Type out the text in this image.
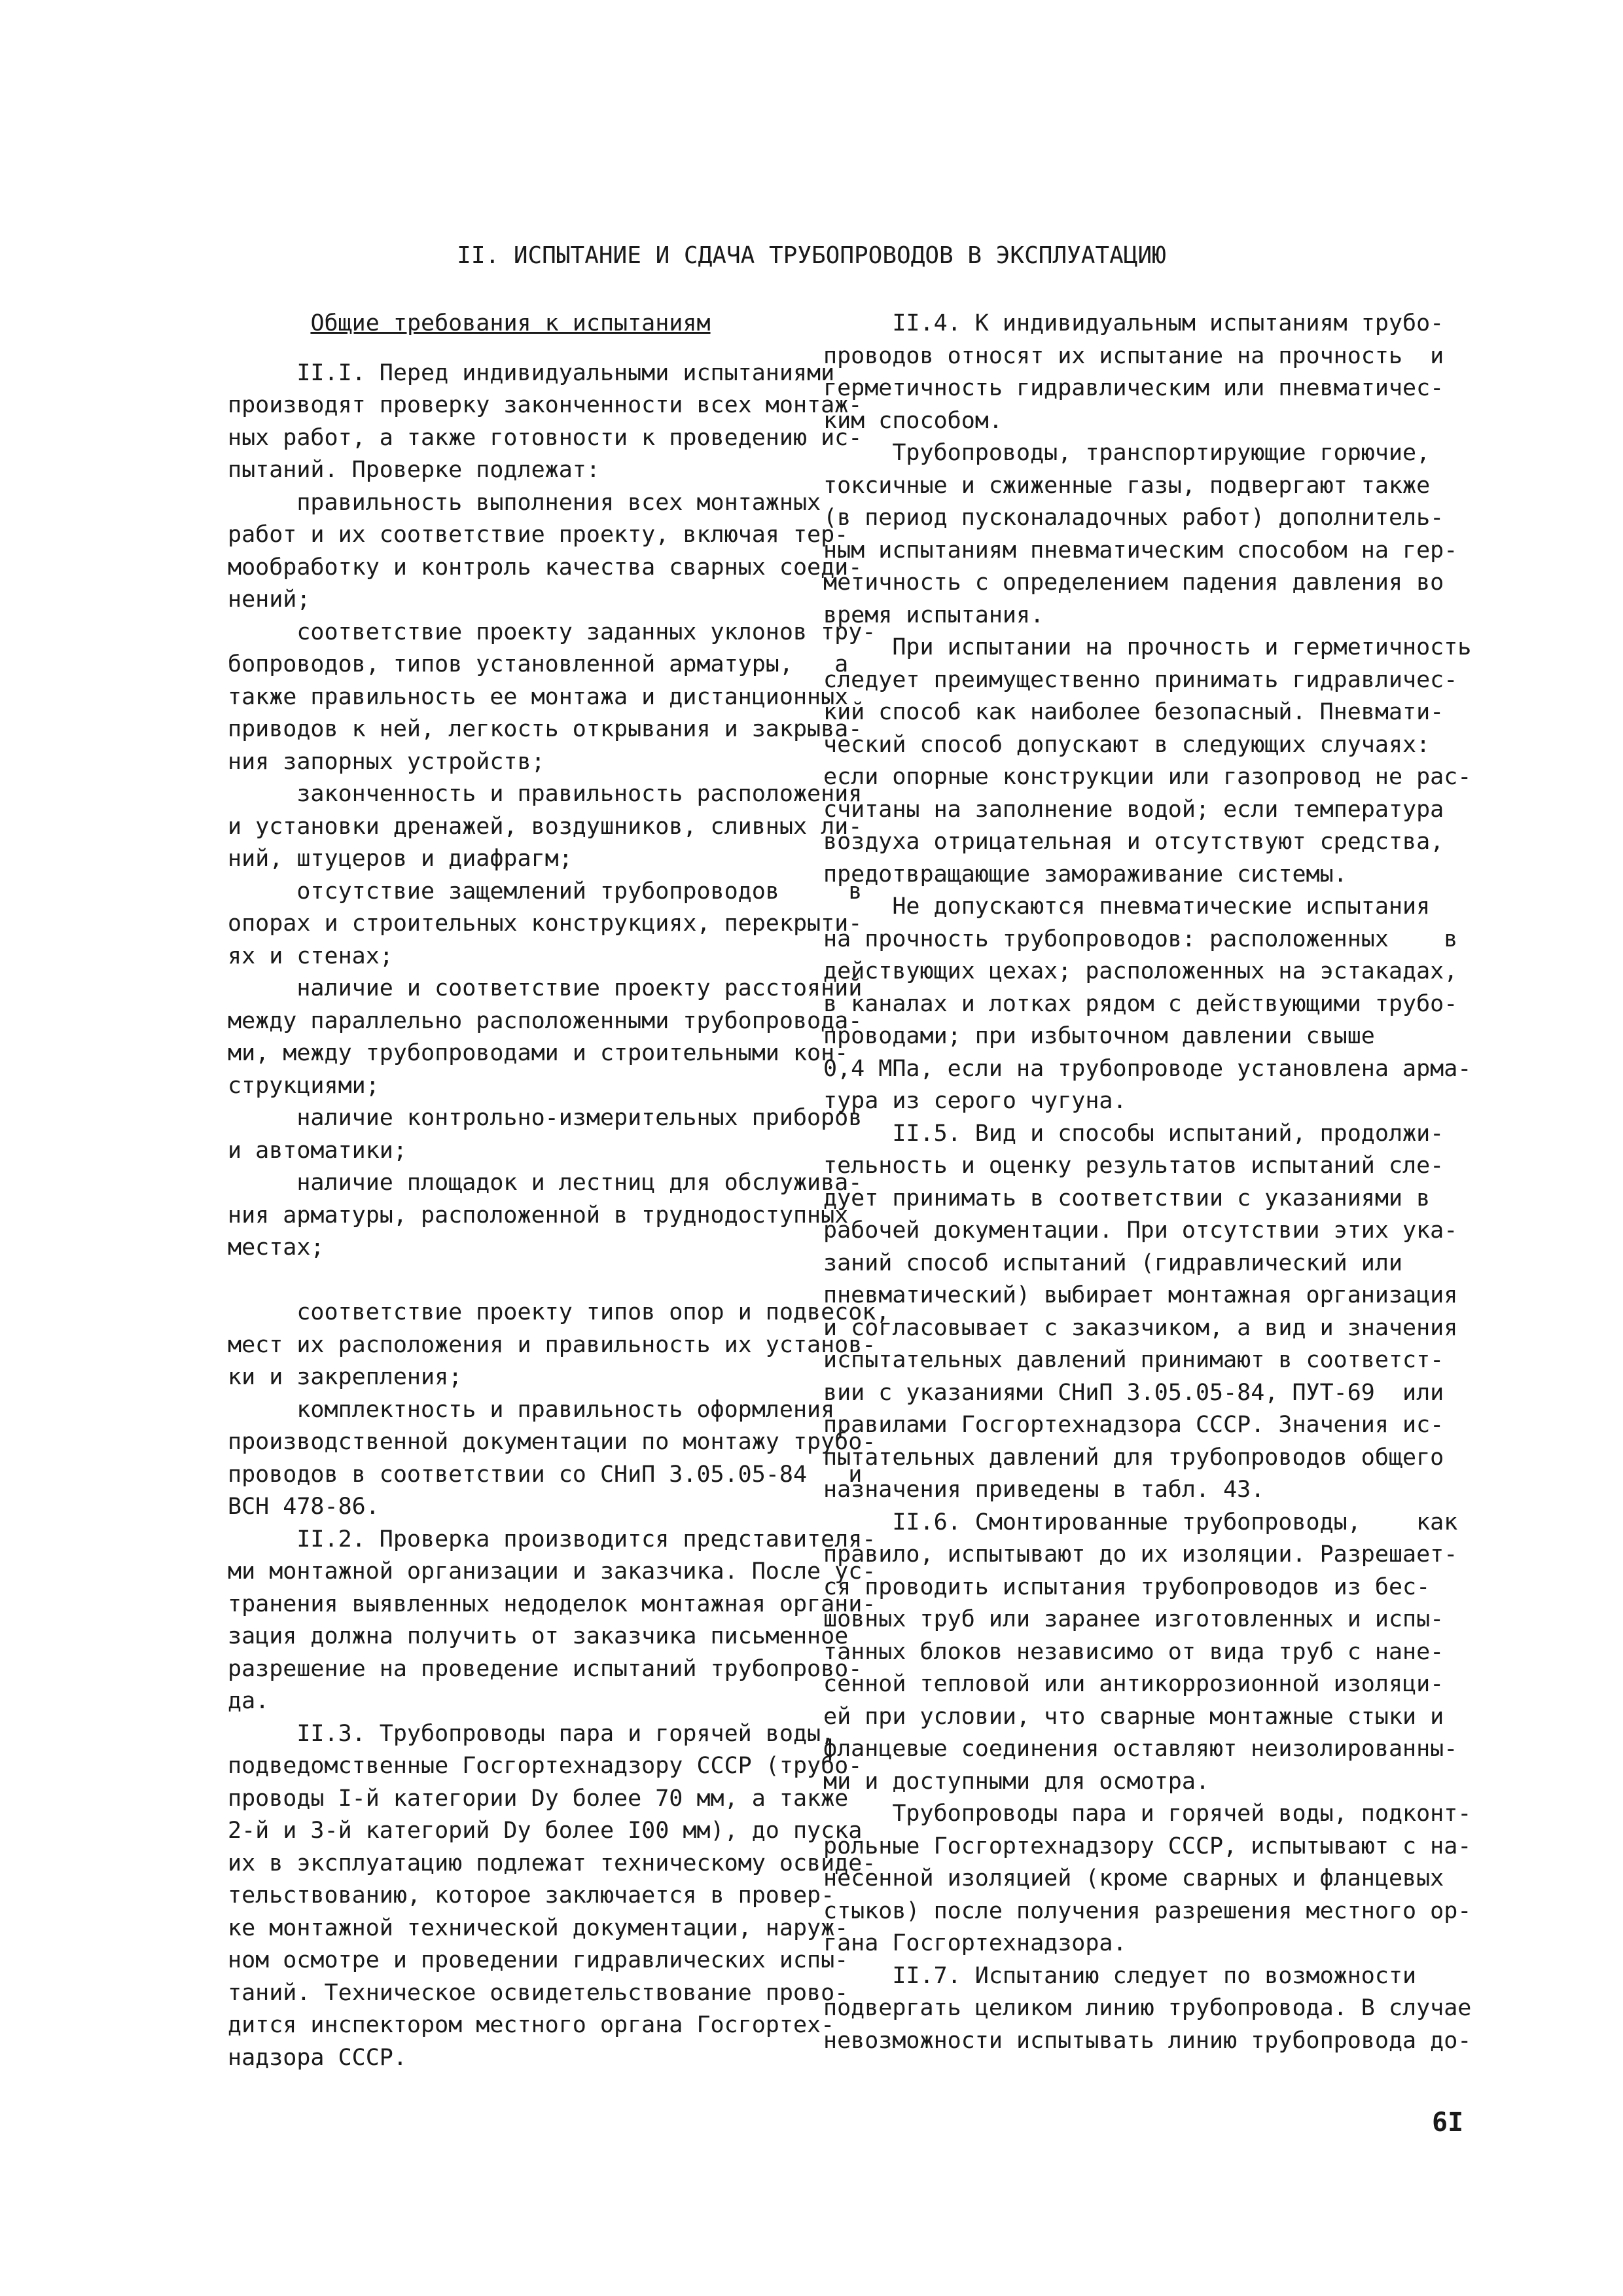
II. ИСПЫТАНИЕ И СДАЧА ТРУБОПРОВОДОВ В ЭКСПЛУАТАЦИЮ
Общие требования к испытаниям
II.I. Перед индивидуальными испытаниями
производят проверку законченности всех монтаж-
ных работ, а также готовности к проведению ис-
пытаний. Проверке подлежат:
правильность выполнения всех монтажных
работ и их соответствие проекту, включая тер-
мообработку и контроль качества сварных соеди-
нений;
соответствие проекту заданных уклонов тру-
бопроводов, типов установленной арматуры,   а
также правильность ее монтажа и дистанционных
приводов к ней, легкость открывания и закрыва-
ния запорных устройств;
законченность и правильность расположения
и установки дренажей, воздушников, сливных ли-
ний, штуцеров и диафрагм;
отсутствие защемлений трубопроводов     в
опорах и строительных конструкциях, перекрыти-
ях и стенах;
наличие и соответствие проекту расстояний
между параллельно расположенными трубопровода-
ми, между трубопроводами и строительными кон-
струкциями;
наличие контрольно-измерительных приборов
и автоматики;
наличие площадок и лестниц для обслужива-
ния арматуры, расположенной в труднодоступных
местах;
соответствие проекту типов опор и подвесок,
мест их расположения и правильность их установ-
ки и закрепления;
комплектность и правильность оформления
производственной документации по монтажу трубо-
проводов в соответствии со СНиП 3.05.05-84   и
ВСН 478-86.
II.2. Проверка производится представителя-
ми монтажной организации и заказчика. После ус-
транения выявленных недоделок монтажная органи-
зация должна получить от заказчика письменное
разрешение на проведение испытаний трубопрово-
да.
II.3. Трубопроводы пара и горячей воды,
подведомственные Госгортехнадзору СССР (трубо-
проводы I-й категории Dу более 70 мм, а также
2-й и 3-й категорий Dу более I00 мм), до пуска
их в эксплуатацию подлежат техническому освиде-
тельствованию, которое заключается в провер-
ке монтажной технической документации, наруж-
ном осмотре и проведении гидравлических испы-
таний. Техническое освидетельствование прово-
дится инспектором местного органа Госгортех-
надзора СССР.
II.4. К индивидуальным испытаниям трубо-
проводов относят их испытание на прочность  и
герметичность гидравлическим или пневматичес-
ким способом.
Трубопроводы, транспортирующие горючие,
токсичные и сжиженные газы, подвергают также
(в период пусконаладочных работ) дополнитель-
ным испытаниям пневматическим способом на гер-
метичность с определением падения давления во
время испытания.
При испытании на прочность и герметичность
следует преимущественно принимать гидравличес-
кий способ как наиболее безопасный. Пневмати-
ческий способ допускают в следующих случаях:
если опорные конструкции или газопровод не рас-
считаны на заполнение водой; если температура
воздуха отрицательная и отсутствуют средства,
предотвращающие замораживание системы.
Не допускаются пневматические испытания
на прочность трубопроводов: расположенных    в
действующих цехах; расположенных на эстакадах,
в каналах и лотках рядом с действующими трубо-
проводами; при избыточном давлении свыше
0,4 МПа, если на трубопроводе установлена арма-
тура из серого чугуна.
II.5. Вид и способы испытаний, продолжи-
тельность и оценку результатов испытаний сле-
дует принимать в соответствии с указаниями в
рабочей документации. При отсутствии этих ука-
заний способ испытаний (гидравлический или
пневматический) выбирает монтажная организация
и согласовывает с заказчиком, а вид и значения
испытательных давлений принимают в соответст-
вии с указаниями СНиП 3.05.05-84, ПУТ-69  или
правилами Госгортехнадзора СССР. Значения ис-
пытательных давлений для трубопроводов общего
назначения приведены в табл. 43.
II.6. Смонтированные трубопроводы,    как
правило, испытывают до их изоляции. Разрешает-
ся проводить испытания трубопроводов из бес-
шовных труб или заранее изготовленных и испы-
танных блоков независимо от вида труб с нане-
сенной тепловой или антикоррозионной изоляци-
ей при условии, что сварные монтажные стыки и
фланцевые соединения оставляют неизолированны-
ми и доступными для осмотра.
Трубопроводы пара и горячей воды, подконт-
рольные Госгортехнадзору СССР, испытывают с на-
несенной изоляцией (кроме сварных и фланцевых
стыков) после получения разрешения местного ор-
гана Госгортехнадзора.
II.7. Испытанию следует по возможности
подвергать целиком линию трубопровода. В случае
невозможности испытывать линию трубопровода до-
6I
